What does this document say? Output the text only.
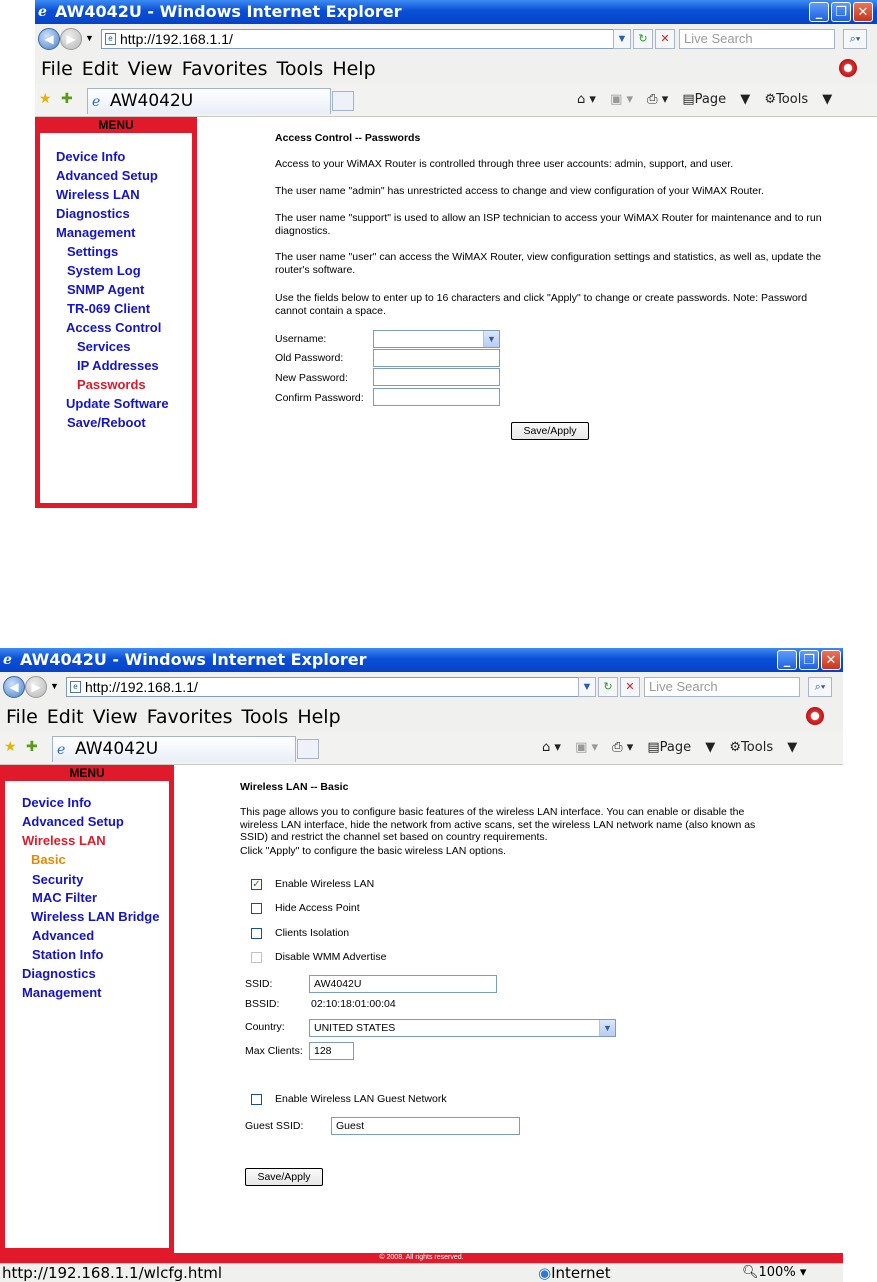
e AW4042U - Windows Internet Explorer	_ ❐ ✕
◀	▶	▼	e http://192.168.1.1/	▼ ↻	✕	Live Search	⌕▾
File Edit View Favorites Tools Help
★ ✚ e AW4042U	⌂ ▾ ▣ ▾ ⎙ ▾ ▤Page ▼ ⚙Tools ▼
MENU
Device Info
Advanced Setup
Wireless LAN
Diagnostics
Management
Settings
System Log
SNMP Agent
TR-069 Client
Access Control
Services
IP Addresses
Passwords
Update Software
Save/Reboot
Access Control -- Passwords
Access to your WiMAX Router is controlled through three user accounts: admin, support, and user.
The user name "admin" has unrestricted access to change and view configuration of your WiMAX Router.
The user name "support" is used to allow an ISP technician to access your WiMAX Router for maintenance and to run diagnostics.
The user name "user" can access the WiMAX Router, view configuration settings and statistics, as well as, update the router's software.
Use the fields below to enter up to 16 characters and click "Apply" to change or create passwords. Note: Password cannot contain a space.
Username:	▼
Old Password:
New Password:
Confirm Password:
Save/Apply
e AW4042U - Windows Internet Explorer	_ ❐ ✕
◀	▶	▼	e http://192.168.1.1/	▼ ↻	✕	Live Search	⌕▾
File Edit View Favorites Tools Help
★ ✚ e AW4042U	⌂ ▾ ▣ ▾ ⎙ ▾ ▤Page ▼ ⚙Tools ▼
MENU
Device Info
Advanced Setup
Wireless LAN
Basic
Security
MAC Filter
Wireless LAN Bridge
Advanced
Station Info
Diagnostics
Management
Wireless LAN -- Basic
This page allows you to configure basic features of the wireless LAN interface. You can enable or disable the wireless LAN interface, hide the network from active scans, set the wireless LAN network name (also known as SSID) and restrict the channel set based on country requirements.
Click "Apply" to configure the basic wireless LAN options.
✓ Enable Wireless LAN
Hide Access Point
Clients Isolation
Disable WMM Advertise
SSID:	AW4042U
BSSID:	02:10:18:01:00:04
Country:	UNITED STATES	▼
Max Clients:	128
Enable Wireless LAN Guest Network
Guest SSID:	Guest
Save/Apply
© 2008. All rights reserved.
http://192.168.1.1/wlcfg.html	◉Internet	🔍︎100% ▾
